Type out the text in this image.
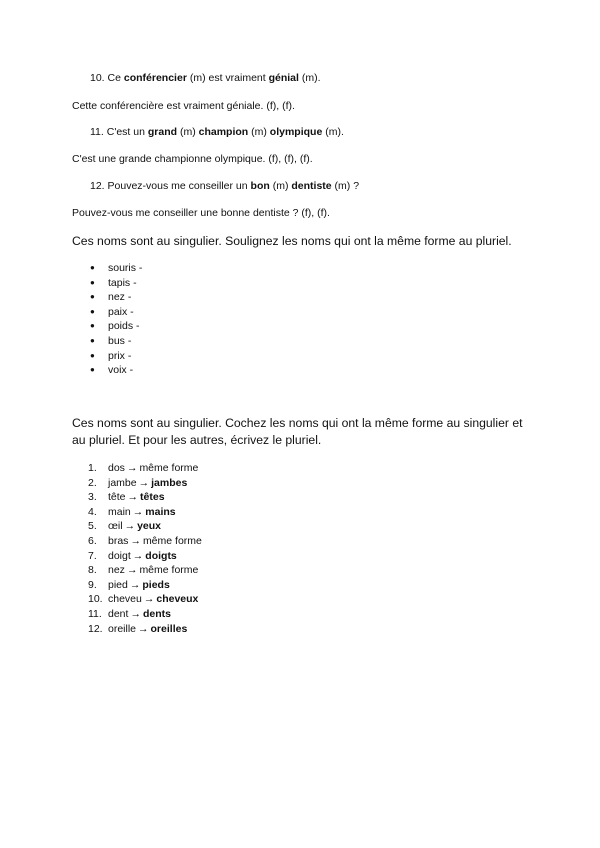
10. Ce conférencier (m) est vraiment génial (m).
Cette conférencière est vraiment géniale. (f), (f).
11. C'est un grand (m) champion (m) olympique (m).
C'est une grande championne olympique. (f), (f), (f).
12. Pouvez-vous me conseiller un bon (m) dentiste (m) ?
Pouvez-vous me conseiller une bonne dentiste ? (f), (f).
Ces noms sont au singulier. Soulignez les noms qui ont la même forme au pluriel.
● souris -
● tapis -
● nez -
● paix -
● poids -
● bus -
● prix -
● voix -
Ces noms sont au singulier. Cochez les noms qui ont la même forme au singulier et
au pluriel. Et pour les autres, écrivez le pluriel.
1.	dos → même forme
2.	jambe → jambes
3.	tête → têtes
4.	main → mains
5.	œil → yeux
6.	bras → même forme
7.	doigt → doigts
8.	nez → même forme
9.	pied → pieds
10. cheveu → cheveux
11. dent → dents
12. oreille → oreilles
